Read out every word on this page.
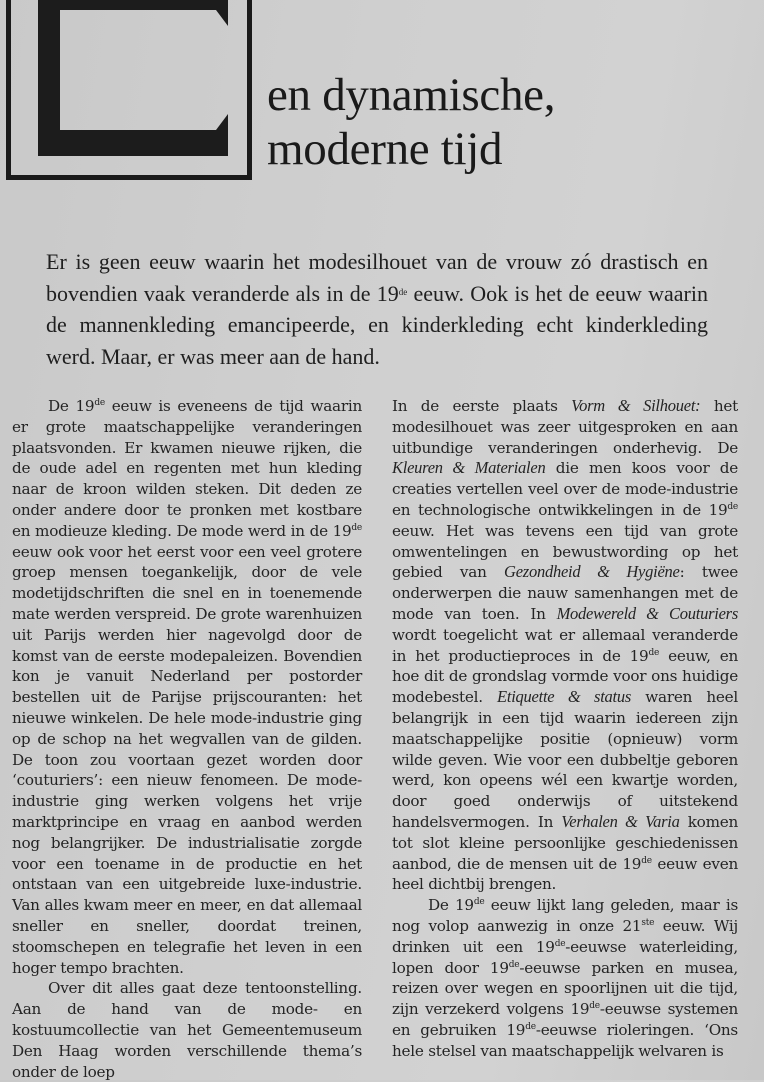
en dynamische,
moderne tijd
Er is geen eeuw waarin het modesilhouet van de vrouw zó drastisch en bovendien vaak veranderde als in de 19de eeuw. Ook is het de eeuw waarin de mannenkleding emancipeerde, en kinderkleding echt kinderkleding werd. Maar, er was meer aan de hand.

De 19de eeuw is eveneens de tijd waarin er grote maatschappelijke veranderingen plaatsvonden. Er kwamen nieuwe rijken, die de oude adel en regenten met hun kleding naar de kroon wilden steken. Dit deden ze onder andere door te pronken met kostbare en modieuze kleding. De mode werd in de 19de eeuw ook voor het eerst voor een veel grotere groep mensen toegankelijk, door de vele modetijdschriften die snel en in toenemende mate werden verspreid. De grote warenhuizen uit Parijs werden hier nagevolgd door de komst van de eerste modepaleizen. Bovendien kon je vanuit Nederland per postorder bestellen uit de Parijse prijscouranten: het nieuwe winkelen. De hele mode-industrie ging op de schop na het wegvallen van de gilden. De toon zou voortaan gezet worden door ‘couturiers’: een nieuw fenomeen. De mode-industrie ging werken volgens het vrije marktprincipe en vraag en aanbod werden nog belangrijker. De industrialisatie zorgde voor een toename in de productie en het ontstaan van een uitgebreide luxe-industrie. Van alles kwam meer en meer, en dat allemaal sneller en sneller, doordat treinen, stoomschepen en telegrafie het leven in een hoger tempo brachten.

Over dit alles gaat deze tentoonstelling. Aan de hand van de mode- en kostuumcollectie van het Gemeentemuseum Den Haag worden verschillende thema’s onder de loep

In de eerste plaats Vorm & Silhouet: het modesilhouet was zeer uitgesproken en aan uitbundige veranderingen onderhevig. De Kleuren & Materialen die men koos voor de creaties vertellen veel over de mode-industrie en technologische ontwikkelingen in de 19de eeuw. Het was tevens een tijd van grote omwentelingen en bewustwording op het gebied van Gezondheid & Hygiëne: twee onderwerpen die nauw samenhangen met de mode van toen. In Modewereld & Couturiers wordt toegelicht wat er allemaal veranderde in het productieproces in de 19de eeuw, en hoe dit de grondslag vormde voor ons huidige modebestel. Etiquette & status waren heel belangrijk in een tijd waarin iedereen zijn maatschappelijke positie (opnieuw) vorm wilde geven. Wie voor een dubbeltje geboren werd, kon opeens wél een kwartje worden, door goed onderwijs of uitstekend handelsvermogen. In Verhalen & Varia komen tot slot kleine persoonlijke geschiedenissen aanbod, die de mensen uit de 19de eeuw even heel dichtbij brengen.

De 19de eeuw lijkt lang geleden, maar is nog volop aanwezig in onze 21ste eeuw. Wij drinken uit een 19de-eeuwse waterleiding, lopen door 19de-eeuwse parken en musea, reizen over wegen en spoorlijnen uit die tijd, zijn verzekerd volgens 19de-eeuwse systemen en gebruiken 19de-eeuwse rioleringen. ‘Ons hele stelsel van maatschappelijk welvaren is
